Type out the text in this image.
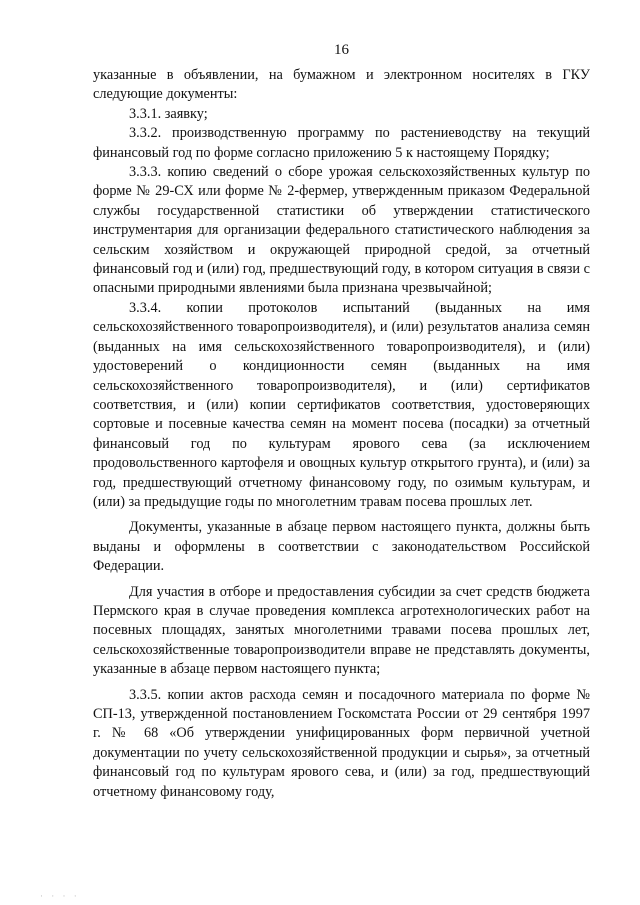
16

указанные в объявлении, на бумажном и электронном носителях в ГКУ следующие документы:

3.3.1. заявку;

3.3.2. производственную программу по растениеводству на текущий финансовый год по форме согласно приложению 5 к настоящему Порядку;

3.3.3. копию сведений о сборе урожая сельскохозяйственных культур по форме № 29-СХ или форме № 2-фермер, утвержденным приказом Федеральной службы государственной статистики об утверждении статистического инструментария для организации федерального статистического наблюдения за сельским хозяйством и окружающей природной средой, за отчетный финансовый год и (или) год, предшествующий году, в котором ситуация в связи с опасными природными явлениями была признана чрезвычайной;

3.3.4. копии протоколов испытаний (выданных на имя сельскохозяйственного товаропроизводителя), и (или) результатов анализа семян (выданных на имя сельскохозяйственного товаропроизводителя), и (или) удостоверений о кондиционности семян (выданных на имя сельскохозяйственного товаропроизводителя), и (или) сертификатов соответствия, и (или) копии сертификатов соответствия, удостоверяющих сортовые и посевные качества семян на момент посева (посадки) за отчетный финансовый год по культурам ярового сева (за исключением продовольственного картофеля и овощных культур открытого грунта), и (или) за год, предшествующий отчетному финансовому году, по озимым культурам, и (или) за предыдущие годы по многолетним травам посева прошлых лет.

Документы, указанные в абзаце первом настоящего пункта, должны быть выданы и оформлены в соответствии с законодательством Российской Федерации.

Для участия в отборе и предоставления субсидии за счет средств бюджета Пермского края в случае проведения комплекса агротехнологических работ на посевных площадях, занятых многолетними травами посева прошлых лет, сельскохозяйственные товаропроизводители вправе не представлять документы, указанные в абзаце первом настоящего пункта;

3.3.5. копии актов расхода семян и посадочного материала по форме № СП-13, утвержденной постановлением Госкомстата России от 29 сентября 1997 г. № 68 «Об утверждении унифицированных форм первичной учетной документации по учету сельскохозяйственной продукции и сырья», за отчетный финансовый год по культурам ярового сева, и (или) за год, предшествующий отчетному финансовому году,

· · · ·
